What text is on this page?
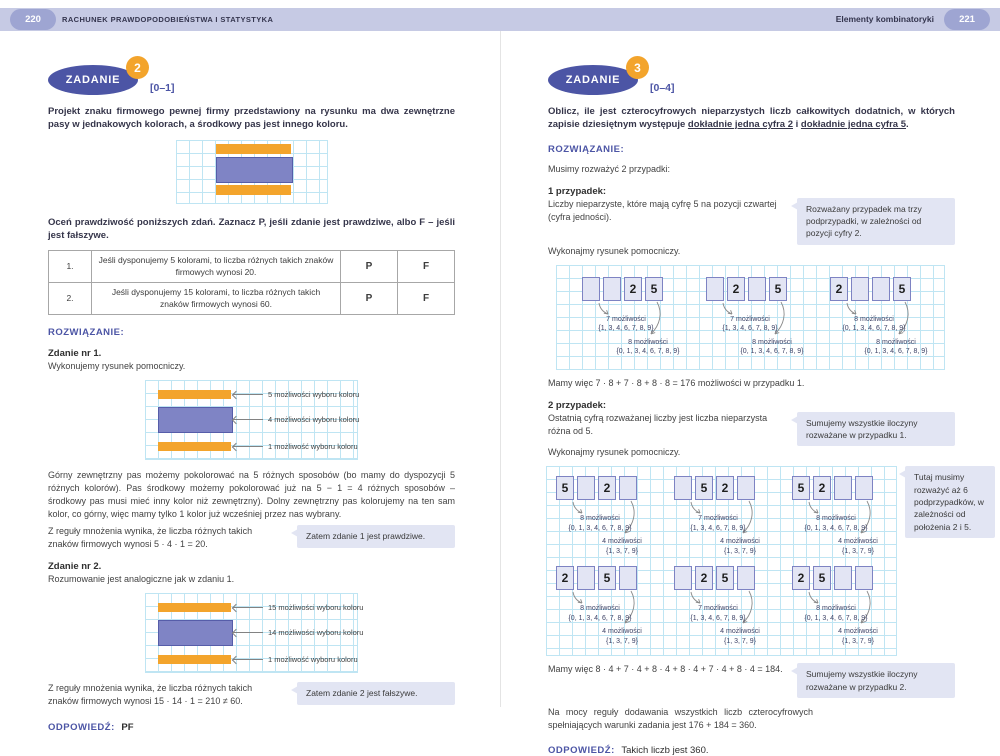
220	RACHUNEK PRAWDOPODOBIEŃSTWA I STATYSTYKA	Elementy kombinatoryki	221
ZADANIE
2
[0–1]

Projekt znaku firmowego pewnej firmy przedstawiony na rysunku ma dwa zewnętrzne pasy w jednakowych kolorach, a środkowy pas jest innego koloru.

Oceń prawdziwość poniższych zdań. Zaznacz P, jeśli zdanie jest prawdziwe, albo F – jeśli jest fałszywe.

1.	Jeśli dysponujemy 5 kolorami, to liczba różnych takich znaków firmowych wynosi 20.	P	F
2.	Jeśli dysponujemy 15 kolorami, to liczba różnych takich znaków firmowych wynosi 60.	P	F
ROZWIĄZANIE:
Zdanie nr 1.

Wykonujemy rysunek pomocniczy.

5 możliwości wyboru koloru
4 możliwości wyboru koloru
1 możliwość wyboru koloru

Górny zewnętrzny pas możemy pokolorować na 5 różnych sposobów (bo mamy do dyspozycji 5 różnych kolorów). Pas środkowy możemy pokolorować już na 5 − 1 = 4 różnych sposobów – środkowy pas musi mieć inny kolor niż zewnętrzny). Dolny zewnętrzny pas kolorujemy na ten sam kolor, co górny, więc mamy tylko 1 kolor już wcześniej przez nas wybrany.

Z reguły mnożenia wynika, że liczba różnych takich znaków firmowych wynosi 5 · 4 · 1 = 20.

Zatem zdanie 1 jest prawdziwe.
Zdanie nr 2.

Rozumowanie jest analogiczne jak w zdaniu 1.

15 możliwości wyboru koloru
14 możliwości wyboru koloru
1 możliwość wyboru koloru

Z reguły mnożenia wynika, że liczba różnych takich znaków firmowych wynosi 15 · 14 · 1 = 210 ≠ 60.

Zatem zdanie 2 jest fałszywe.
ODPOWIEDŹ: PF
ZADANIE
3
[0–4]

Oblicz, ile jest czterocyfrowych nieparzystych liczb całkowitych dodatnich, w których zapisie dziesiętnym występuje dokładnie jedna cyfra 2 i dokładnie jedna cyfra 5.

ROZWIĄZANIE:

Musimy rozważyć 2 przypadki:

1 przypadek:

Liczby nieparzyste, które mają cyfrę 5 na pozycji czwartej (cyfra jedności).

Rozważany przypadek ma trzy podprzypadki, w zależności od pozycji cyfry 2.

Wykonajmy rysunek pomocniczy.

2	5
7 możliwości
{1, 3, 4, 6, 7, 8, 9}
8 możliwości
{0, 1, 3, 4, 6, 7, 8, 9}
2	5
7 możliwości
{1, 3, 4, 6, 7, 8, 9}
8 możliwości
{0, 1, 3, 4, 6, 7, 8, 9}
2	5
8 możliwości
{0, 1, 3, 4, 6, 7, 8, 9}
8 możliwości
{0, 1, 3, 4, 6, 7, 8, 9}

Mamy więc 7 · 8 + 7 · 8 + 8 · 8 = 176 możliwości w przypadku 1.

2 przypadek:

Ostatnią cyfrą rozważanej liczby jest liczba nieparzysta różna od 5.

Sumujemy wszystkie iloczyny rozważane w przypadku 1.

Wykonajmy rysunek pomocniczy.

5	2
8 możliwości
{0, 1, 3, 4, 6, 7, 8, 9}
4 możliwości
{1, 3, 7, 9}
5	2
7 możliwości
{1, 3, 4, 6, 7, 8, 9}
4 możliwości
{1, 3, 7, 9}
5	2
8 możliwości
{0, 1, 3, 4, 6, 7, 8, 9}
4 możliwości
{1, 3, 7, 9}
2	5
8 możliwości
{0, 1, 3, 4, 6, 7, 8, 9}
4 możliwości
{1, 3, 7, 9}
2	5
7 możliwości
{1, 3, 4, 6, 7, 8, 9}
4 możliwości
{1, 3, 7, 9}
2	5
8 możliwości
{0, 1, 3, 4, 6, 7, 8, 9}
4 możliwości
{1, 3, 7, 9}
Tutaj musimy rozważyć aż 6 podprzypadków, w zależności od położenia 2 i 5.

Mamy więc 8 · 4 + 7 · 4 + 8 · 4 + 8 · 4 + 7 · 4 + 8 · 4 = 184.	Sumujemy wszystkie iloczyny rozważane w przypadku 2.

Na mocy reguły dodawania wszystkich liczb czterocyfrowych spełniających warunki zadania jest 176 + 184 = 360.

ODPOWIEDŹ: Takich liczb jest 360.
